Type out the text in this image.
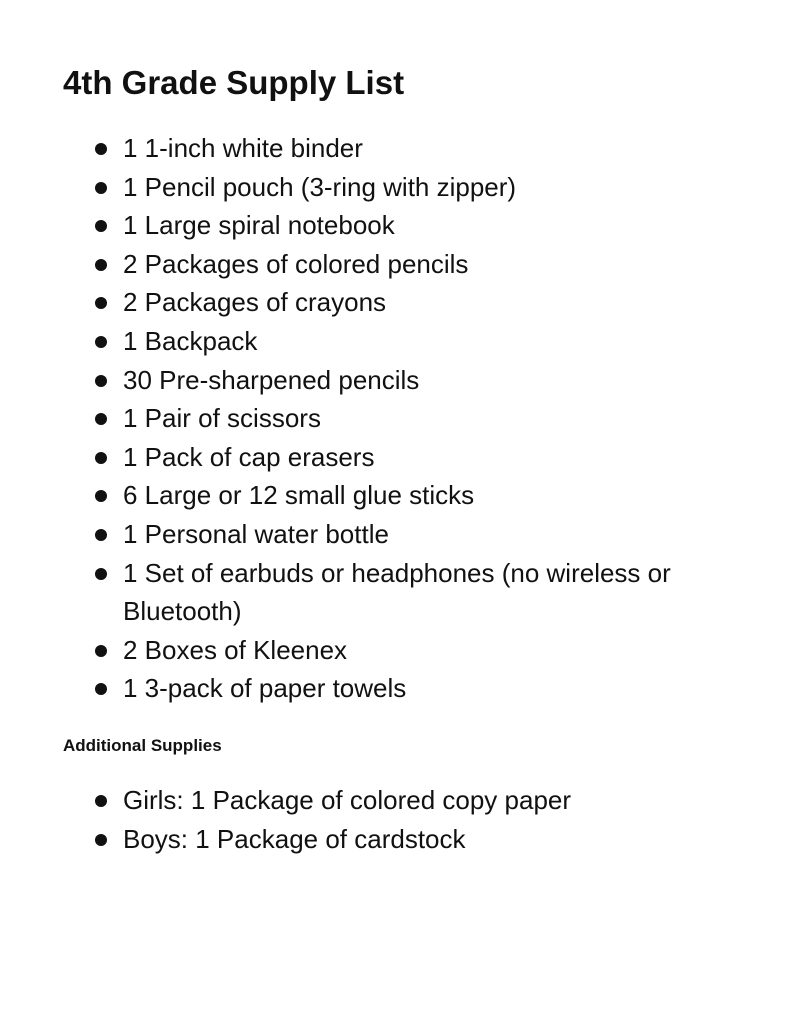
4th Grade Supply List
1 1-inch white binder
1 Pencil pouch (3-ring with zipper)
1 Large spiral notebook
2 Packages of colored pencils
2 Packages of crayons
1 Backpack
30 Pre-sharpened pencils
1 Pair of scissors
1 Pack of cap erasers
6 Large or 12 small glue sticks
1 Personal water bottle
1 Set of earbuds or headphones (no wireless or Bluetooth)
2 Boxes of Kleenex
1 3-pack of paper towels
Additional Supplies
Girls: 1 Package of colored copy paper
Boys: 1 Package of cardstock
